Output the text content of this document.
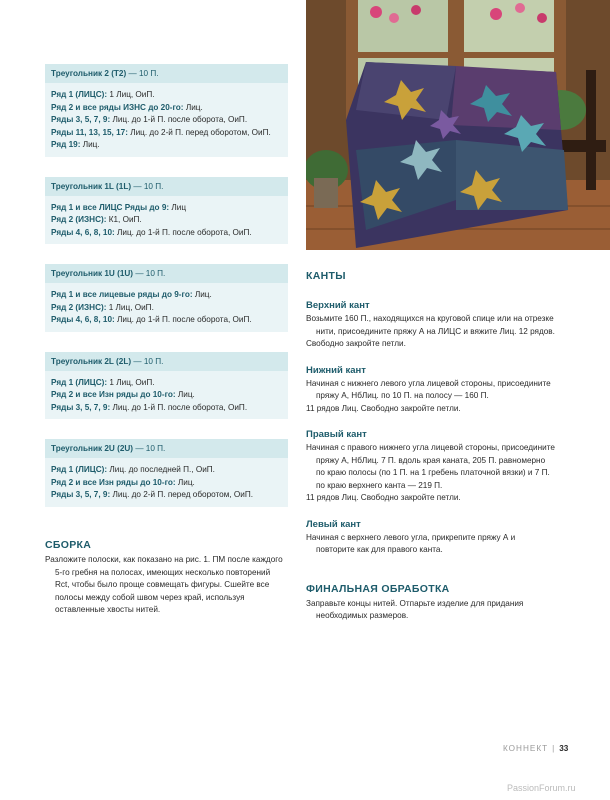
Треугольник 2 (Т2) — 10 П.
Ряд 1 (ЛИЦС): 1 Лиц, ОиП.
Ряд 2 и все ряды ИЗНС до 20-го: Лиц.
Ряды 3, 5, 7, 9: Лиц. до 1-й П. после оборота, ОиП.
Ряды 11, 13, 15, 17: Лиц. до 2-й П. перед оборотом, ОиП.
Ряд 19: Лиц.
Треугольник 1L (1L) — 10 П.
Ряд 1 и все ЛИЦС Ряды до 9: Лиц
Ряд 2 (ИЗНС): К1, ОиП.
Ряды 4, 6, 8, 10: Лиц. до 1-й П. после оборота, ОиП.
Треугольник 1U (1U) — 10 П.
Ряд 1 и все лицевые ряды до 9-го: Лиц.
Ряд 2 (ИЗНС): 1 Лиц, ОиП.
Ряды 4, 6, 8, 10: Лиц. до 1-й П. после оборота, ОиП.
Треугольник 2L (2L) — 10 П.
Ряд 1 (ЛИЦС): 1 Лиц, ОиП.
Ряд 2 и все Изн ряды до 10-го: Лиц.
Ряды 3, 5, 7, 9: Лиц. до 1-й П. после оборота, ОиП.
Треугольник 2U (2U) — 10 П.
Ряд 1 (ЛИЦС): Лиц. до последней П., ОиП.
Ряд 2 и все Изн ряды до 10-го: Лиц.
Ряды 3, 5, 7, 9: Лиц. до 2-й П. перед оборотом, ОиП.
СБОРКА
Разложите полоски, как показано на рис. 1. ПМ после каждого 5-го гребня на полосах, имеющих несколько повторений Rct, чтобы было проще совмещать фигуры. Сшейте все полосы между собой швом через край, используя оставленные хвосты нитей.
КАНТЫ
Верхний кант
Возьмите 160 П., находящихся на круговой спице или на отрезке нити, присоедините пряжу А на ЛИЦС и вяжите Лиц. 12 рядов.
Свободно закройте петли.
Нижний кант
Начиная с нижнего левого угла лицевой стороны, присоедините пряжу А, НбЛиц. по 10 П. на полосу — 160 П.
11 рядов Лиц. Свободно закройте петли.
Правый кант
Начиная с правого нижнего угла лицевой стороны, присоедините пряжу А, НбЛиц. 7 П. вдоль края каната, 205 П. равномерно по краю полосы (по 1 П. на 1 гребень платочной вязки) и 7 П. по краю верхнего канта — 219 П.
11 рядов Лиц. Свободно закройте петли.
Левый кант
Начиная с верхнего левого угла, прикрепите пряжу А и повторите как для правого канта.
ФИНАЛЬНАЯ ОБРАБОТКА
Заправьте концы нитей. Отпарьте изделие для придания необходимых размеров.
КОННЕКТ | 33
PassionForum.ru
